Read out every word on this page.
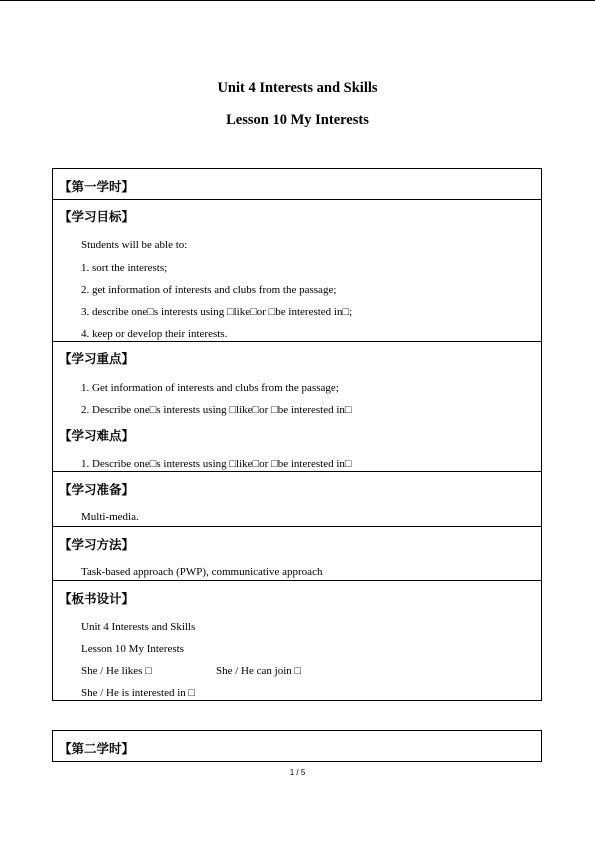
Unit 4 Interests and Skills
Lesson 10 My Interests
【第一学时】
【学习目标】
Students will be able to:
1. sort the interests;
2. get information of interests and clubs from the passage;
3. describe one□s interests using □like□or □be interested in□;
4. keep or develop their interests.
【学习重点】
1. Get information of interests and clubs from the passage;
2. Describe one□s interests using □like□or □be interested in□
【学习难点】
1. Describe one□s interests using □like□or □be interested in□
【学习准备】
Multi-media.
【学习方法】
Task-based approach (PWP), communicative approach
【板书设计】
Unit 4 Interests and Skills
Lesson 10 My Interests
She / He likes □	She / He can join □
She / He is interested in □
【第二学时】
1 / 5
